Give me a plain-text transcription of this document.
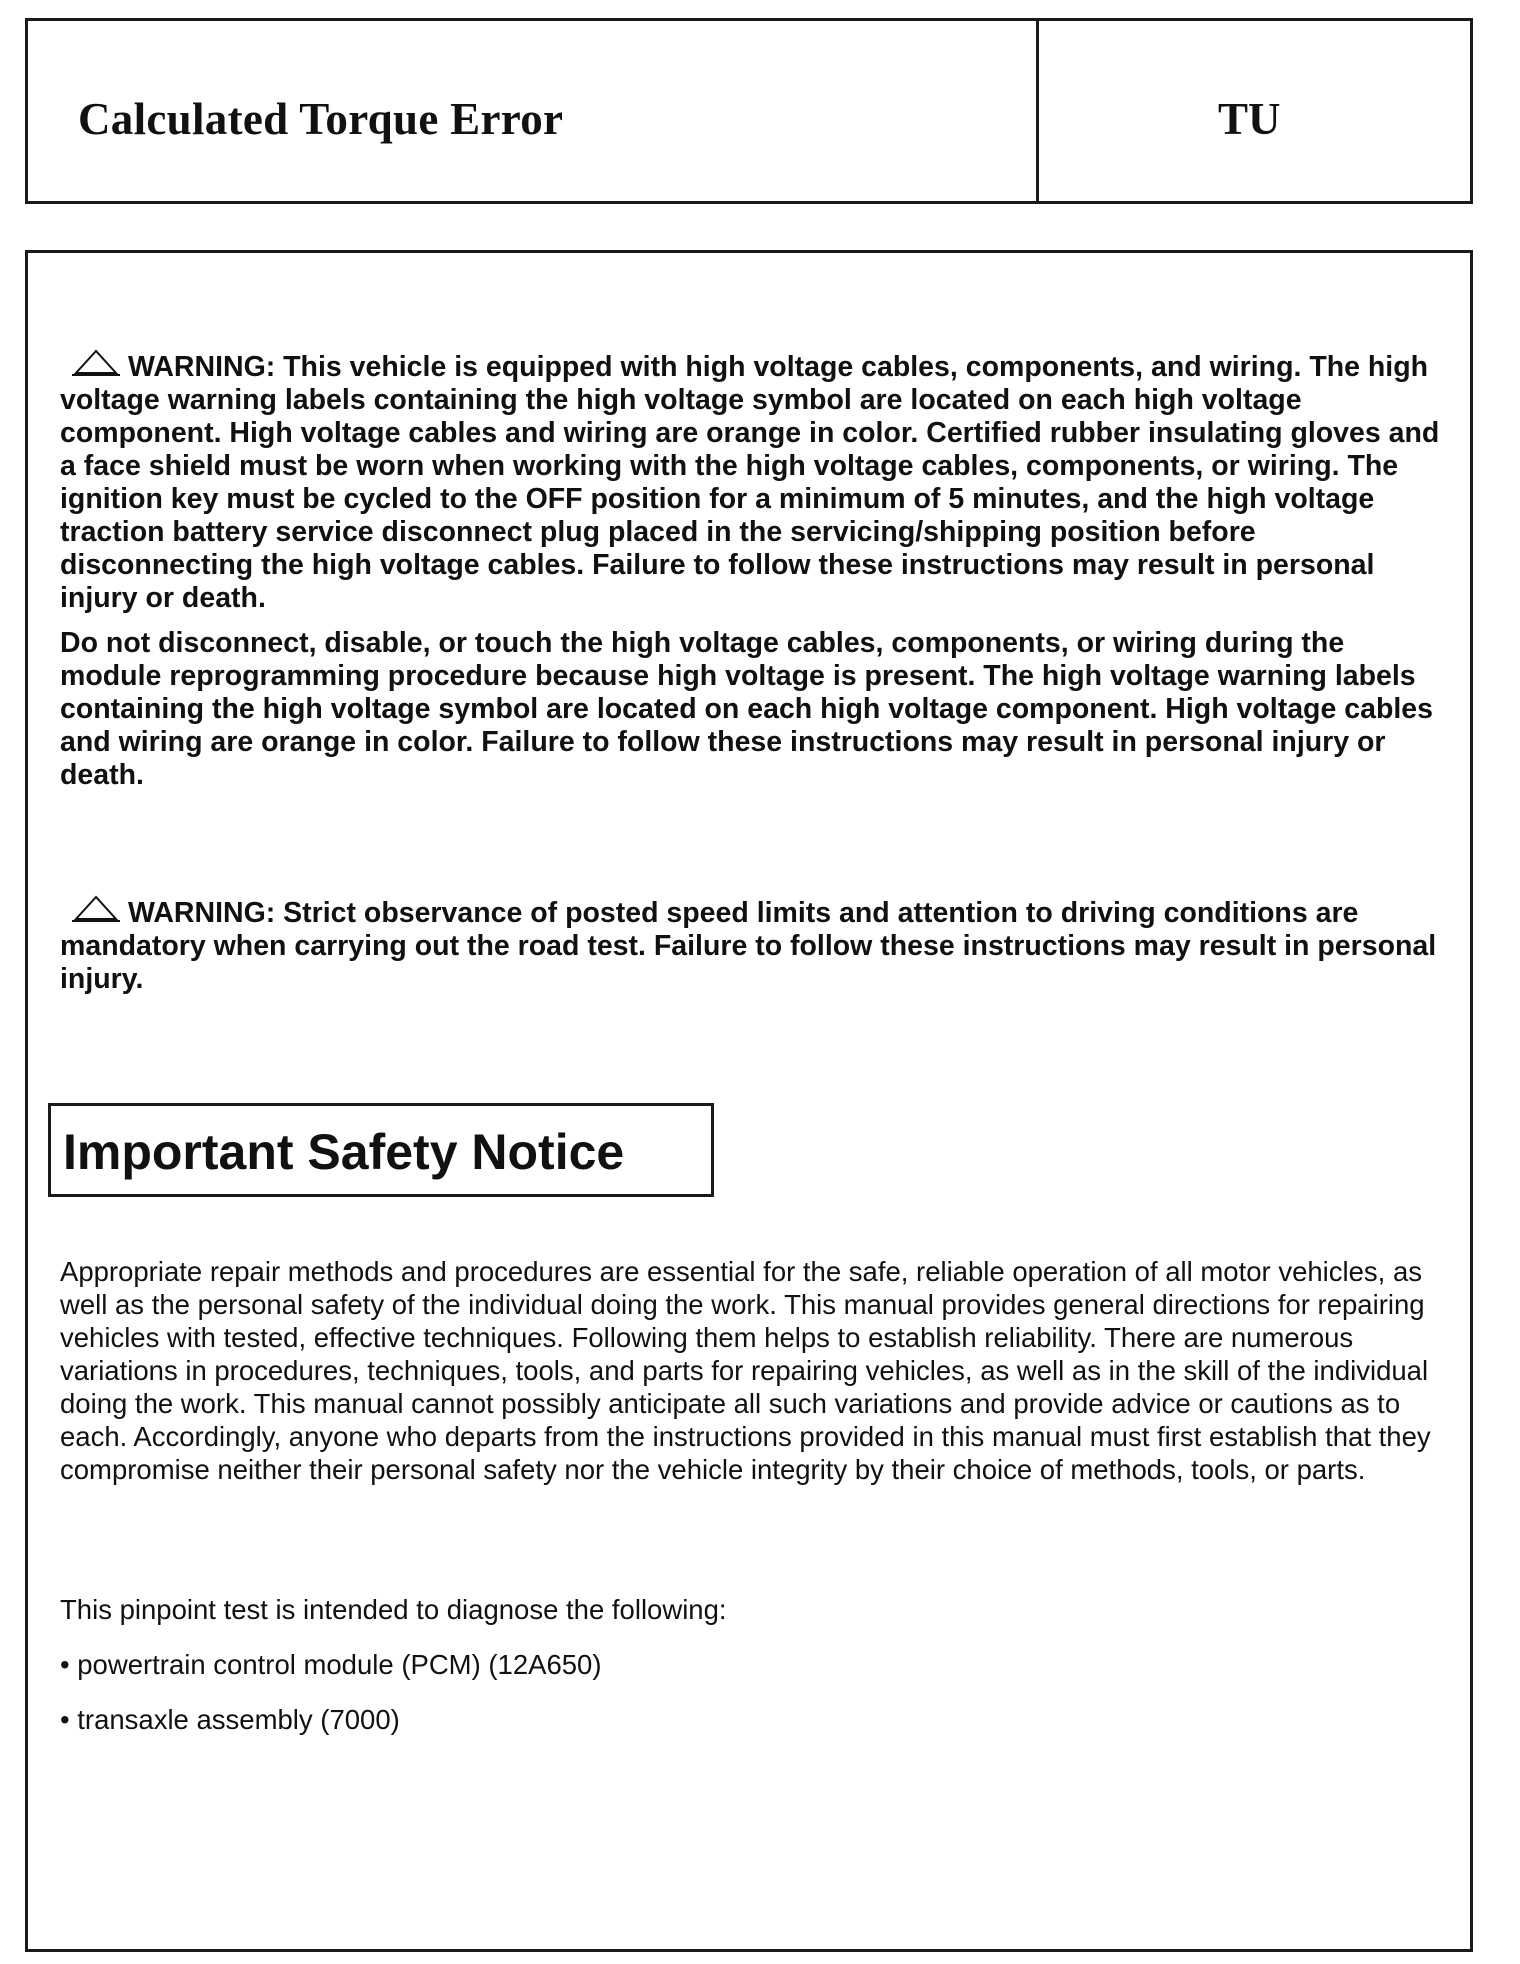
Calculated Torque Error	TU

WARNING: This vehicle is equipped with high voltage cables, components, and wiring. The high voltage warning labels containing the high voltage symbol are located on each high voltage component. High voltage cables and wiring are orange in color. Certified rubber insulating gloves and a face shield must be worn when working with the high voltage cables, components, or wiring. The ignition key must be cycled to the OFF position for a minimum of 5 minutes, and the high voltage traction battery service disconnect plug placed in the servicing/shipping position before disconnecting the high voltage cables. Failure to follow these instructions may result in personal injury or death.

Do not disconnect, disable, or touch the high voltage cables, components, or wiring during the module reprogramming procedure because high voltage is present. The high voltage warning labels containing the high voltage symbol are located on each high voltage component. High voltage cables and wiring are orange in color. Failure to follow these instructions may result in personal injury or death.

WARNING: Strict observance of posted speed limits and attention to driving conditions are mandatory when carrying out the road test. Failure to follow these instructions may result in personal injury.

Important Safety Notice
Appropriate repair methods and procedures are essential for the safe, reliable operation of all motor vehicles, as well as the personal safety of the individual doing the work. This manual provides general directions for repairing vehicles with tested, effective techniques. Following them helps to establish reliability. There are numerous variations in procedures, techniques, tools, and parts for repairing vehicles, as well as in the skill of the individual doing the work. This manual cannot possibly anticipate all such variations and provide advice or cautions as to each. Accordingly, anyone who departs from the instructions provided in this manual must first establish that they compromise neither their personal safety nor the vehicle integrity by their choice of methods, tools, or parts.
This pinpoint test is intended to diagnose the following:
• powertrain control module (PCM) (12A650)
• transaxle assembly (7000)
